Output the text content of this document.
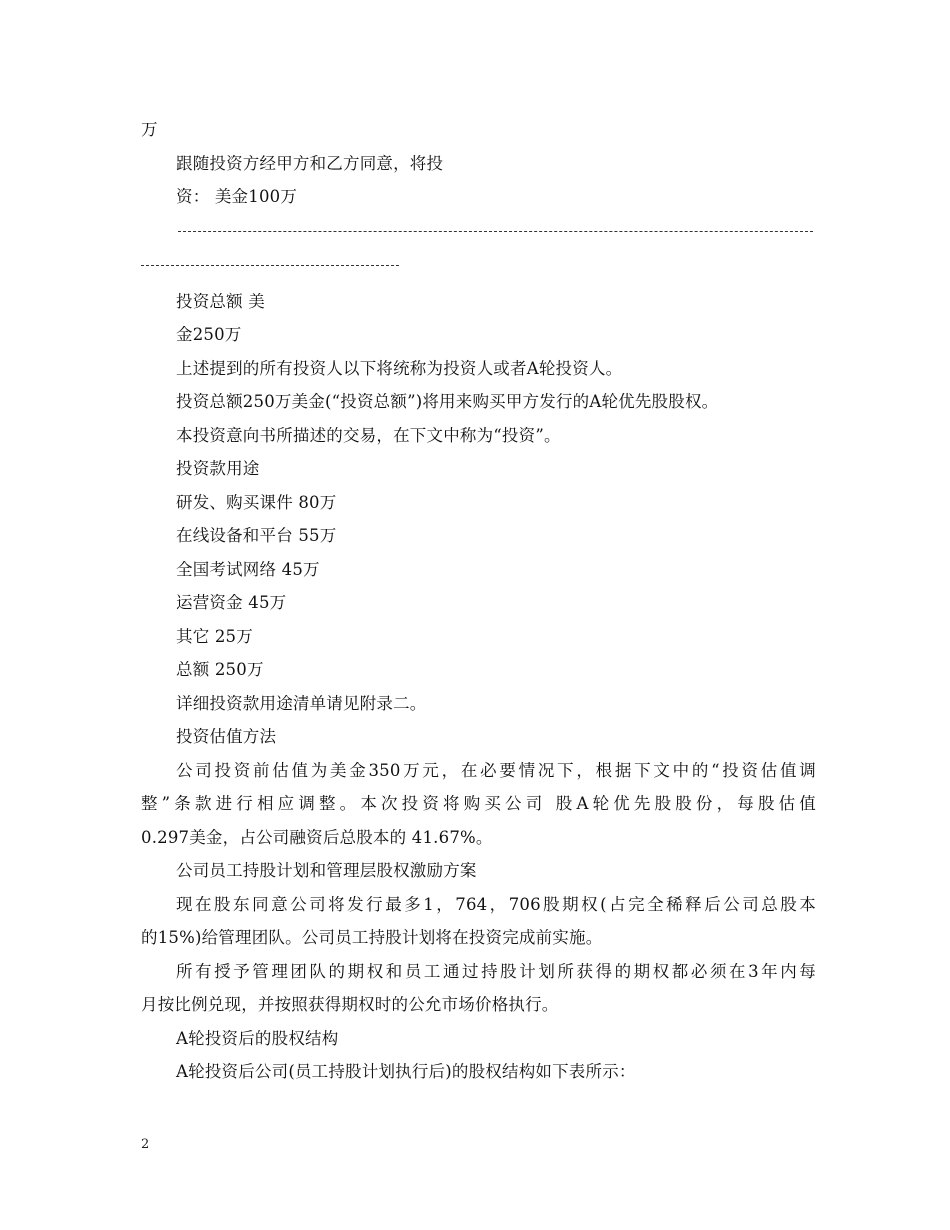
万
跟随投资方经甲方和乙方同意，将投
资： 美金100万
投资总额 美
金250万
上述提到的所有投资人以下将统称为投资人或者A轮投资人。
投资总额250万美金(“投资总额”)将用来购买甲方发行的A轮优先股股权。
本投资意向书所描述的交易，在下文中称为“投资”。
投资款用途
研发、购买课件 80万
在线设备和平台 55万
全国考试网络 45万
运营资金 45万
其它 25万
总额 250万
详细投资款用途清单请见附录二。
投资估值方法
公司投资前估值为美金350万元，在必要情况下，根据下文中的“投资估值调
整”条款进行相应调整。本次投资将购买公司 股A轮优先股股份，每股估值
0.297美金，占公司融资后总股本的 41.67%。
公司员工持股计划和管理层股权激励方案
现在股东同意公司将发行最多1，764，706股期权(占完全稀释后公司总股本
的15%)给管理团队。公司员工持股计划将在投资完成前实施。
所有授予管理团队的期权和员工通过持股计划所获得的期权都必须在3年内每
月按比例兑现，并按照获得期权时的公允市场价格执行。
A轮投资后的股权结构
A轮投资后公司(员工持股计划执行后)的股权结构如下表所示：
2
